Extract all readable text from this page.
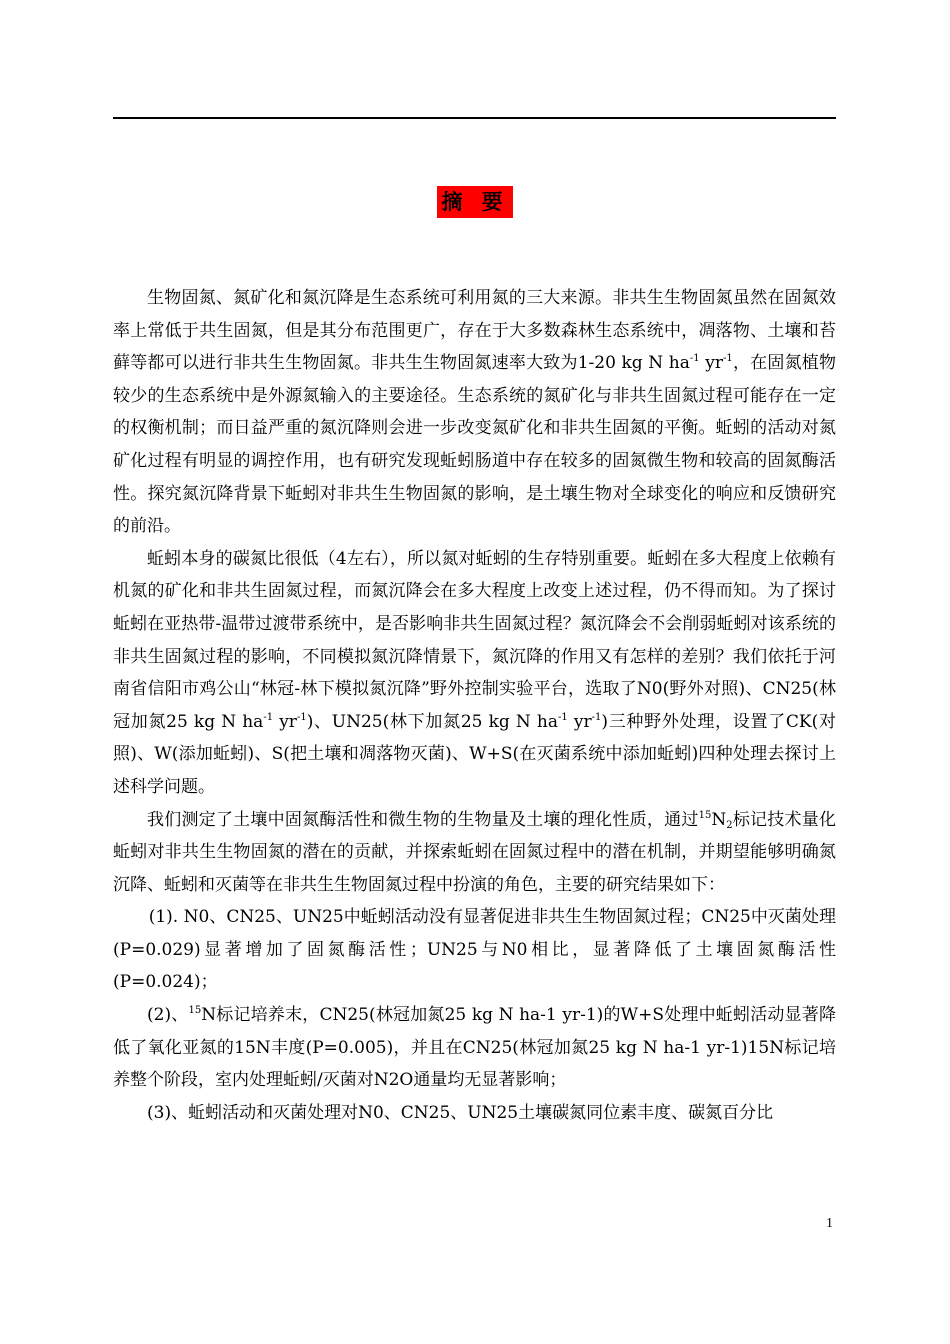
摘 要

生物固氮、氮矿化和氮沉降是生态系统可利用氮的三大来源。非共生生物固氮虽然在固氮效率上常低于共生固氮，但是其分布范围更广，存在于大多数森林生态系统中，凋落物、土壤和苔藓等都可以进行非共生生物固氮。非共生生物固氮速率大致为1-20 kg N $ha^{-1}$ $yr^{-1}$，在固氮植物较少的生态系统中是外源氮输入的主要途径。生态系统的氮矿化与非共生固氮过程可能存在一定的权衡机制；而日益严重的氮沉降则会进一步改变氮矿化和非共生固氮的平衡。蚯蚓的活动对氮矿化过程有明显的调控作用，也有研究发现蚯蚓肠道中存在较多的固氮微生物和较高的固氮酶活性。探究氮沉降背景下蚯蚓对非共生生物固氮的影响，是土壤生物对全球变化的响应和反馈研究的前沿。

蚯蚓本身的碳氮比很低（4左右），所以氮对蚯蚓的生存特别重要。蚯蚓在多大程度上依赖有机氮的矿化和非共生固氮过程，而氮沉降会在多大程度上改变上述过程，仍不得而知。为了探讨蚯蚓在亚热带-温带过渡带系统中，是否影响非共生固氮过程？氮沉降会不会削弱蚯蚓对该系统的非共生固氮过程的影响，不同模拟氮沉降情景下，氮沉降的作用又有怎样的差别？我们依托于河南省信阳市鸡公山“林冠-林下模拟氮沉降”野外控制实验平台，选取了N0(野外对照)、CN25(林冠加氮25 kg N $ha^{-1}$ $yr^{-1}$)、UN25(林下加氮25 kg N $ha^{-1}$ $yr^{-1}$)三种野外处理，设置了CK(对照)、W(添加蚯蚓)、S(把土壤和凋落物灭菌)、W+S(在灭菌系统中添加蚯蚓)四种处理去探讨上述科学问题。

我们测定了土壤中固氮酶活性和微生物的生物量及土壤的理化性质，通过$^{15}N_2$标记技术量化蚯蚓对非共生生物固氮的潜在的贡献，并探索蚯蚓在固氮过程中的潜在机制，并期望能够明确氮沉降、蚯蚓和灭菌等在非共生生物固氮过程中扮演的角色，主要的研究结果如下：

(1). N0、CN25、UN25中蚯蚓活动没有显著促进非共生生物固氮过程；CN25中灭菌处理(P=0.029)显著增加了固氮酶活性；UN25与N0相比，显著降低了土壤固氮酶活性(P=0.024)；

(2)、$^{15}$N标记培养末，CN25(林冠加氮25 kg N ha-1 yr-1)的W+S处理中蚯蚓活动显著降低了氧化亚氮的15N丰度(P=0.005)，并且在CN25(林冠加氮25 kg N ha-1 yr-1)15N标记培养整个阶段，室内处理蚯蚓/灭菌对N2O通量均无显著影响；

(3)、蚯蚓活动和灭菌处理对N0、CN25、UN25土壤碳氮同位素丰度、碳氮百分比

1
